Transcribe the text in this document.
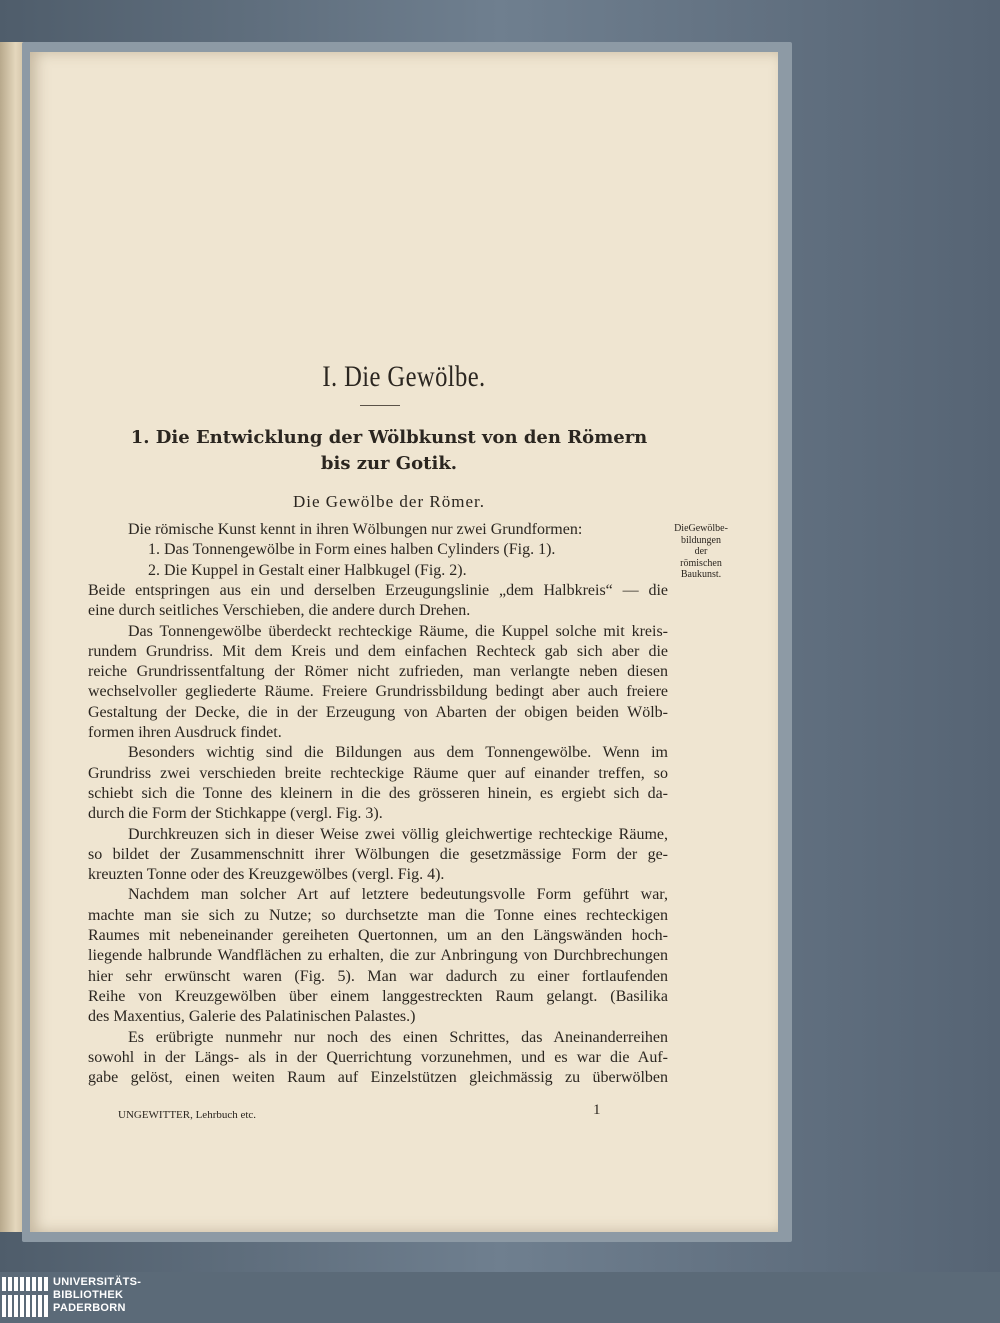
I. Die Gewölbe.
1. Die Entwicklung der Wölbkunst von den Römern
bis zur Gotik.
Die Gewölbe der Römer.
Die römische Kunst kennt in ihren Wölbungen nur zwei Grundformen:
1. Das Tonnengewölbe in Form eines halben Cylinders (Fig. 1).
2. Die Kuppel in Gestalt einer Halbkugel (Fig. 2).
Beide entspringen aus ein und derselben Erzeugungslinie „dem Halbkreis“ — die
eine durch seitliches Verschieben, die andere durch Drehen.
Das Tonnengewölbe überdeckt rechteckige Räume, die Kuppel solche mit kreis-
rundem Grundriss. Mit dem Kreis und dem einfachen Rechteck gab sich aber die
reiche Grundrissentfaltung der Römer nicht zufrieden, man verlangte neben diesen
wechselvoller gegliederte Räume. Freiere Grundrissbildung bedingt aber auch freiere
Gestaltung der Decke, die in der Erzeugung von Abarten der obigen beiden Wölb-
formen ihren Ausdruck findet.
Besonders wichtig sind die Bildungen aus dem Tonnengewölbe. Wenn im
Grundriss zwei verschieden breite rechteckige Räume quer auf einander treffen, so
schiebt sich die Tonne des kleinern in die des grösseren hinein, es ergiebt sich da-
durch die Form der Stichkappe (vergl. Fig. 3).
Durchkreuzen sich in dieser Weise zwei völlig gleichwertige rechteckige Räume,
so bildet der Zusammenschnitt ihrer Wölbungen die gesetzmässige Form der ge-
kreuzten Tonne oder des Kreuzgewölbes (vergl. Fig. 4).
Nachdem man solcher Art auf letztere bedeutungsvolle Form geführt war,
machte man sie sich zu Nutze; so durchsetzte man die Tonne eines rechteckigen
Raumes mit nebeneinander gereiheten Quertonnen, um an den Längswänden hoch-
liegende halbrunde Wandflächen zu erhalten, die zur Anbringung von Durchbrechungen
hier sehr erwünscht waren (Fig. 5). Man war dadurch zu einer fortlaufenden
Reihe von Kreuzgewölben über einem langgestreckten Raum gelangt. (Basilika
des Maxentius, Galerie des Palatinischen Palastes.)
Es erübrigte nunmehr nur noch des einen Schrittes, das Aneinanderreihen
sowohl in der Längs- als in der Querrichtung vorzunehmen, und es war die Auf-
gabe gelöst, einen weiten Raum auf Einzelstützen gleichmässig zu überwölben
DieGewölbe-
bildungen
der
römischen
Baukunst.
UNGEWITTER, Lehrbuch etc.	1
UNIVERSITÄTS-
BIBLIOTHEK
PADERBORN
